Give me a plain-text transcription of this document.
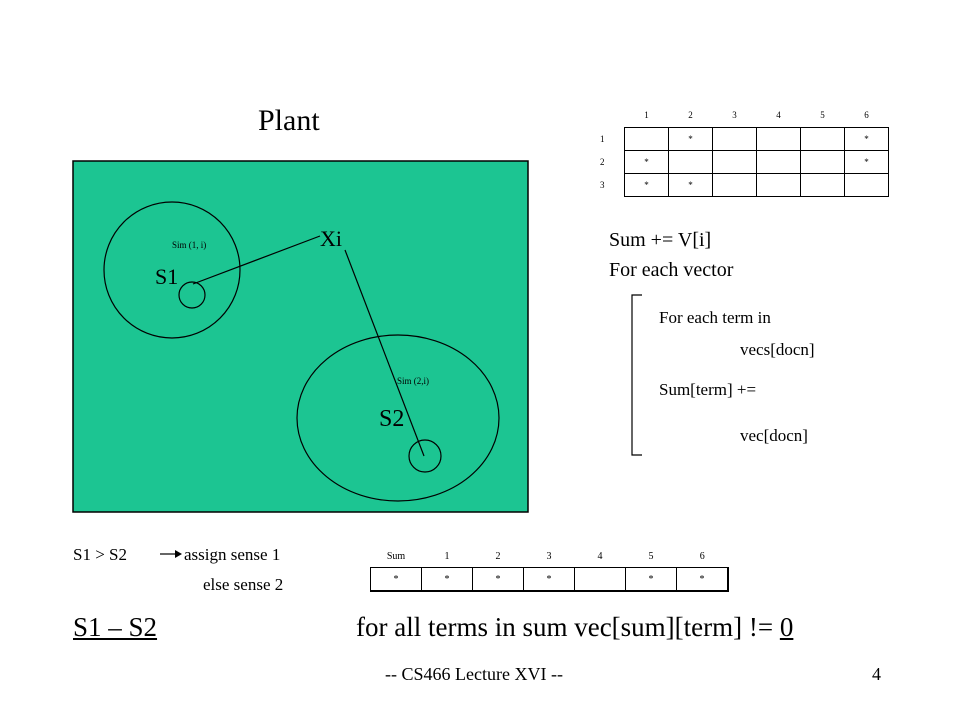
Plant
Sim (1, i)
S1
Xi
Sim (2,i)
S2
Sum += V[i]
For each vector
For each term in
vecs[docn]
Sum[term] +=
vec[docn]
S1 > S2	assign sense 1
else sense 2
	1	2	3	4	5	6
1		*				*
2	*					*
3	*	*				
Sum	1	2	3	4	5	6
*	*	*	*		*	*
S1 – S2	for all terms in sum vec[sum][term] != 0
-- CS466 Lecture XVI --	4
